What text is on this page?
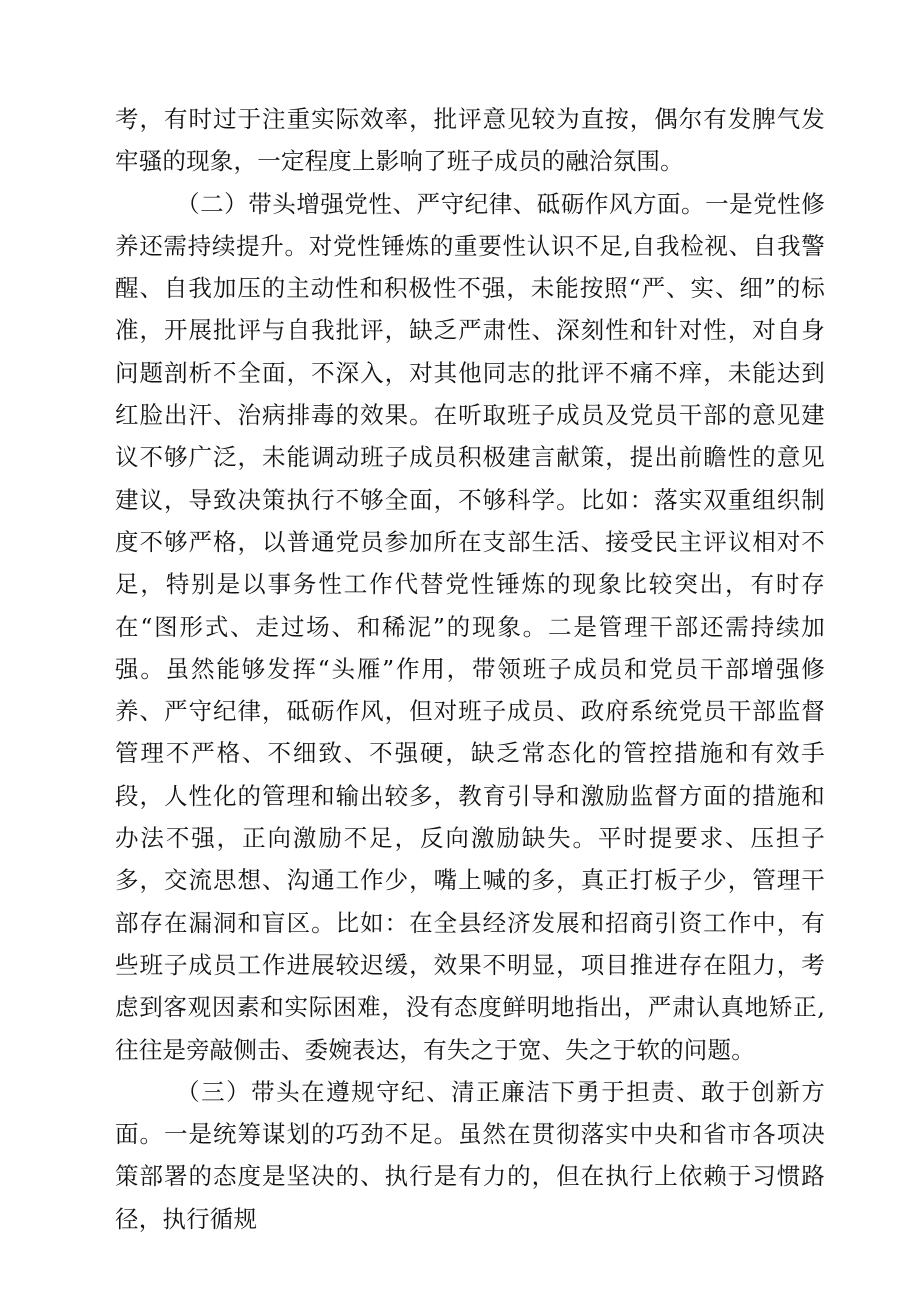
考，有时过于注重实际效率，批评意见较为直按，偶尔有发脾气发牢骚的现象，一定程度上影响了班子成员的融洽氛围。

（二）带头增强党性、严守纪律、砥砺作风方面。一是党性修养还需持续提升。对党性锤炼的重要性认识不足,自我检视、自我警醒、自我加压的主动性和积极性不强，未能按照“严、实、细”的标准，开展批评与自我批评，缺乏严肃性、深刻性和针对性，对自身问题剖析不全面，不深入，对其他同志的批评不痛不痒，未能达到红脸出汗、治病排毒的效果。在听取班子成员及党员干部的意见建议不够广泛，未能调动班子成员积极建言献策，提出前瞻性的意见建议，导致决策执行不够全面，不够科学。比如：落实双重组织制度不够严格，以普通党员参加所在支部生活、接受民主评议相对不足，特别是以事务性工作代替党性锤炼的现象比较突出，有时存在“图形式、走过场、和稀泥”的现象。二是管理干部还需持续加强。虽然能够发挥“头雁”作用，带领班子成员和党员干部增强修养、严守纪律，砥砺作风，但对班子成员、政府系统党员干部监督管理不严格、不细致、不强硬，缺乏常态化的管控措施和有效手段，人性化的管理和输出较多，教育引导和激励监督方面的措施和办法不强，正向激励不足，反向激励缺失。平时提要求、压担子多，交流思想、沟通工作少，嘴上喊的多，真正打板子少，管理干部存在漏洞和盲区。比如：在全县经济发展和招商引资工作中，有些班子成员工作进展较迟缓，效果不明显，项目推进存在阻力，考虑到客观因素和实际困难，没有态度鲜明地指出，严肃认真地矫正,往往是旁敲侧击、委婉表达，有失之于宽、失之于软的问题。

（三）带头在遵规守纪、清正廉洁下勇于担责、敢于创新方面。一是统筹谋划的巧劲不足。虽然在贯彻落实中央和省市各项决策部署的态度是坚决的、执行是有力的，但在执行上依赖于习惯路径，执行循规
